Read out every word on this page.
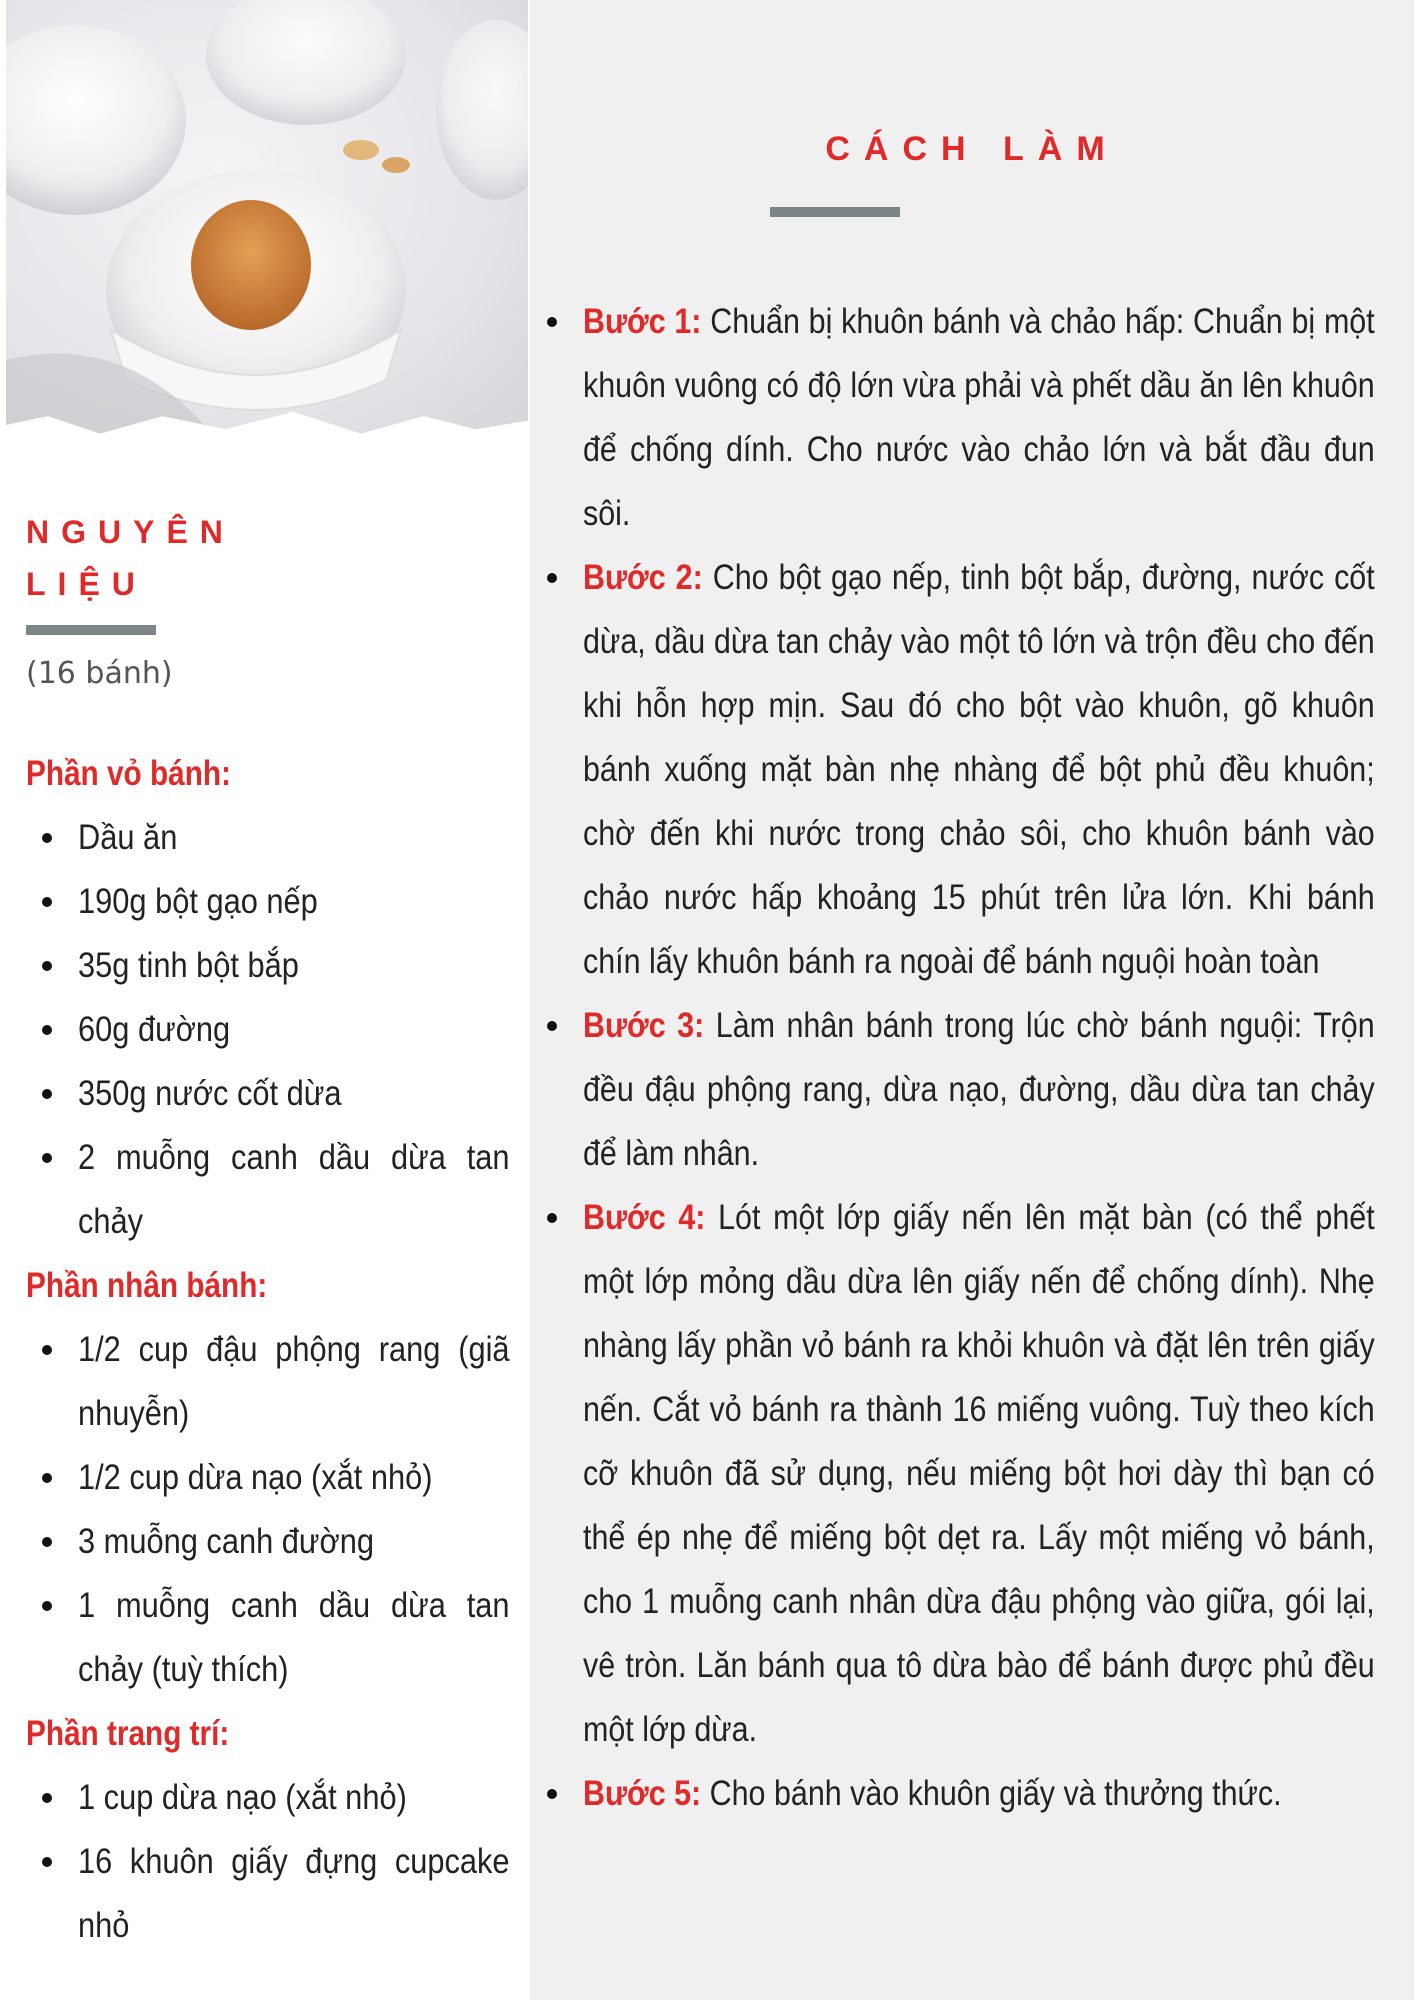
NGUYÊN LIỆU
(16 bánh)
Phần vỏ bánh:
Dầu ăn
190g bột gạo nếp
35g tinh bột bắp
60g đường
350g nước cốt dừa
2 muỗng canh dầu dừa tan chảy
Phần nhân bánh:
1/2 cup đậu phộng rang (giã nhuyễn)
1/2 cup dừa nạo (xắt nhỏ)
3 muỗng canh đường
1 muỗng canh dầu dừa tan chảy (tuỳ thích)
Phần trang trí:
1 cup dừa nạo (xắt nhỏ)
16 khuôn giấy đựng cupcake nhỏ
CÁCH LÀM
Bước 1: Chuẩn bị khuôn bánh và chảo hấp: Chuẩn bị một khuôn vuông có độ lớn vừa phải và phết dầu ăn lên khuôn để chống dính. Cho nước vào chảo lớn và bắt đầu đun sôi.
Bước 2: Cho bột gạo nếp, tinh bột bắp, đường, nước cốt dừa, dầu dừa tan chảy vào một tô lớn và trộn đều cho đến khi hỗn hợp mịn. Sau đó cho bột vào khuôn, gõ khuôn bánh xuống mặt bàn nhẹ nhàng để bột phủ đều khuôn; chờ đến khi nước trong chảo sôi, cho khuôn bánh vào chảo nước hấp khoảng 15 phút trên lửa lớn. Khi bánh chín lấy khuôn bánh ra ngoài để bánh nguội hoàn toàn
Bước 3: Làm nhân bánh trong lúc chờ bánh nguội: Trộn đều đậu phộng rang, dừa nạo, đường, dầu dừa tan chảy để làm nhân.
Bước 4: Lót một lớp giấy nến lên mặt bàn (có thể phết một lớp mỏng dầu dừa lên giấy nến để chống dính). Nhẹ nhàng lấy phần vỏ bánh ra khỏi khuôn và đặt lên trên giấy nến. Cắt vỏ bánh ra thành 16 miếng vuông. Tuỳ theo kích cỡ khuôn đã sử dụng, nếu miếng bột hơi dày thì bạn có thể ép nhẹ để miếng bột dẹt ra. Lấy một miếng vỏ bánh, cho 1 muỗng canh nhân dừa đậu phộng vào giữa, gói lại, vê tròn. Lăn bánh qua tô dừa bào để bánh được phủ đều một lớp dừa.
Bước 5: Cho bánh vào khuôn giấy và thưởng thức.
